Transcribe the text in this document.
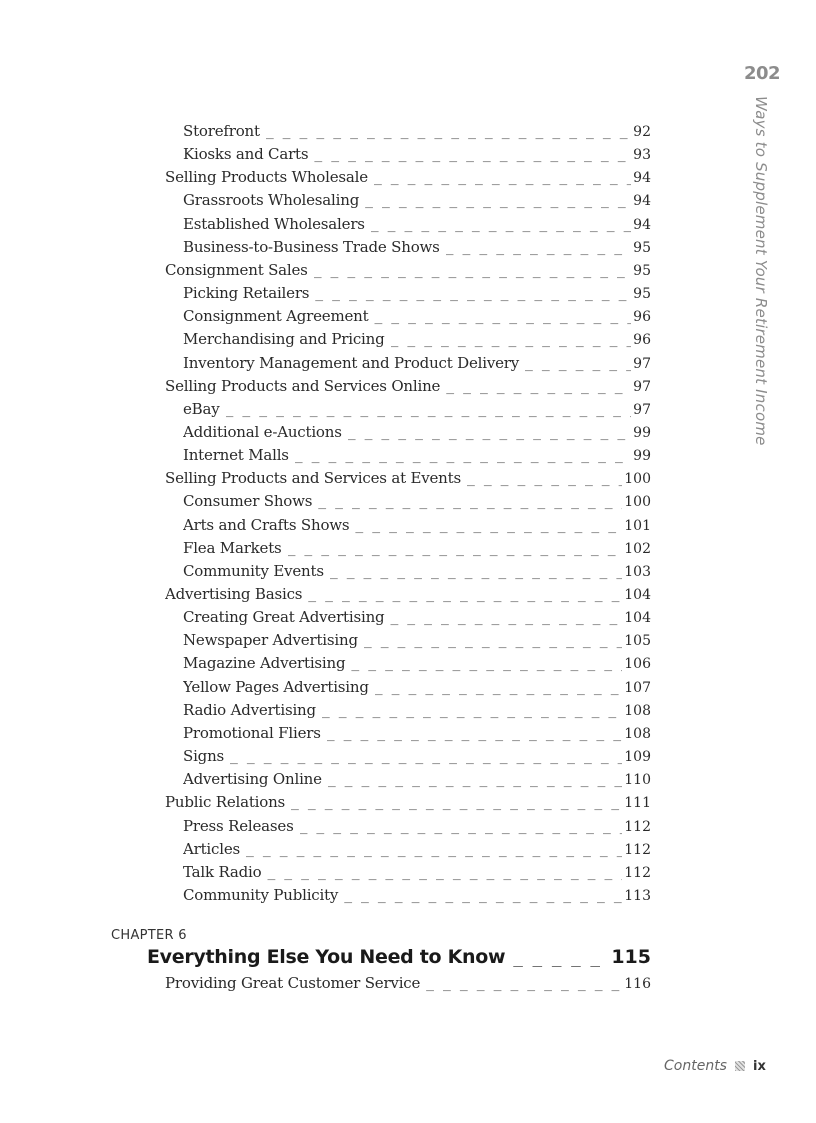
202
Ways to Supplement Your Retirement Income
Storefront _ _ _	92
Kiosks and Carts _ _ _	93
Selling Products Wholesale _ _ _	94
Grassroots Wholesaling _ _ _	94
Established Wholesalers _ _ _	94
Business-to-Business Trade Shows _ _ _	95
Consignment Sales _ _ _	95
Picking Retailers _ _ _	95
Consignment Agreement _ _ _	96
Merchandising and Pricing _ _ _	96
Inventory Management and Product Delivery _ _ _	97
Selling Products and Services Online _ _ _	97
eBay _ _ _	97
Additional e-Auctions _ _ _	99
Internet Malls _ _ _	99
Selling Products and Services at Events _ _ _	100
Consumer Shows _ _ _	100
Arts and Crafts Shows _ _ _	101
Flea Markets _ _ _	102
Community Events _ _ _	103
Advertising Basics _ _ _	104
Creating Great Advertising _ _ _	104
Newspaper Advertising _ _ _	105
Magazine Advertising _ _ _	106
Yellow Pages Advertising _ _ _	107
Radio Advertising _ _ _	108
Promotional Fliers _ _ _	108
Signs _ _ _	109
Advertising Online _ _ _	110
Public Relations _ _ _	111
Press Releases _ _ _	112
Articles _ _ _	112
Talk Radio _ _ _	112
Community Publicity _ _ _	113
CHAPTER 6
Everything Else You Need to Know _ _ _	115
Providing Great Customer Service _ _ _	116
Contents ix
